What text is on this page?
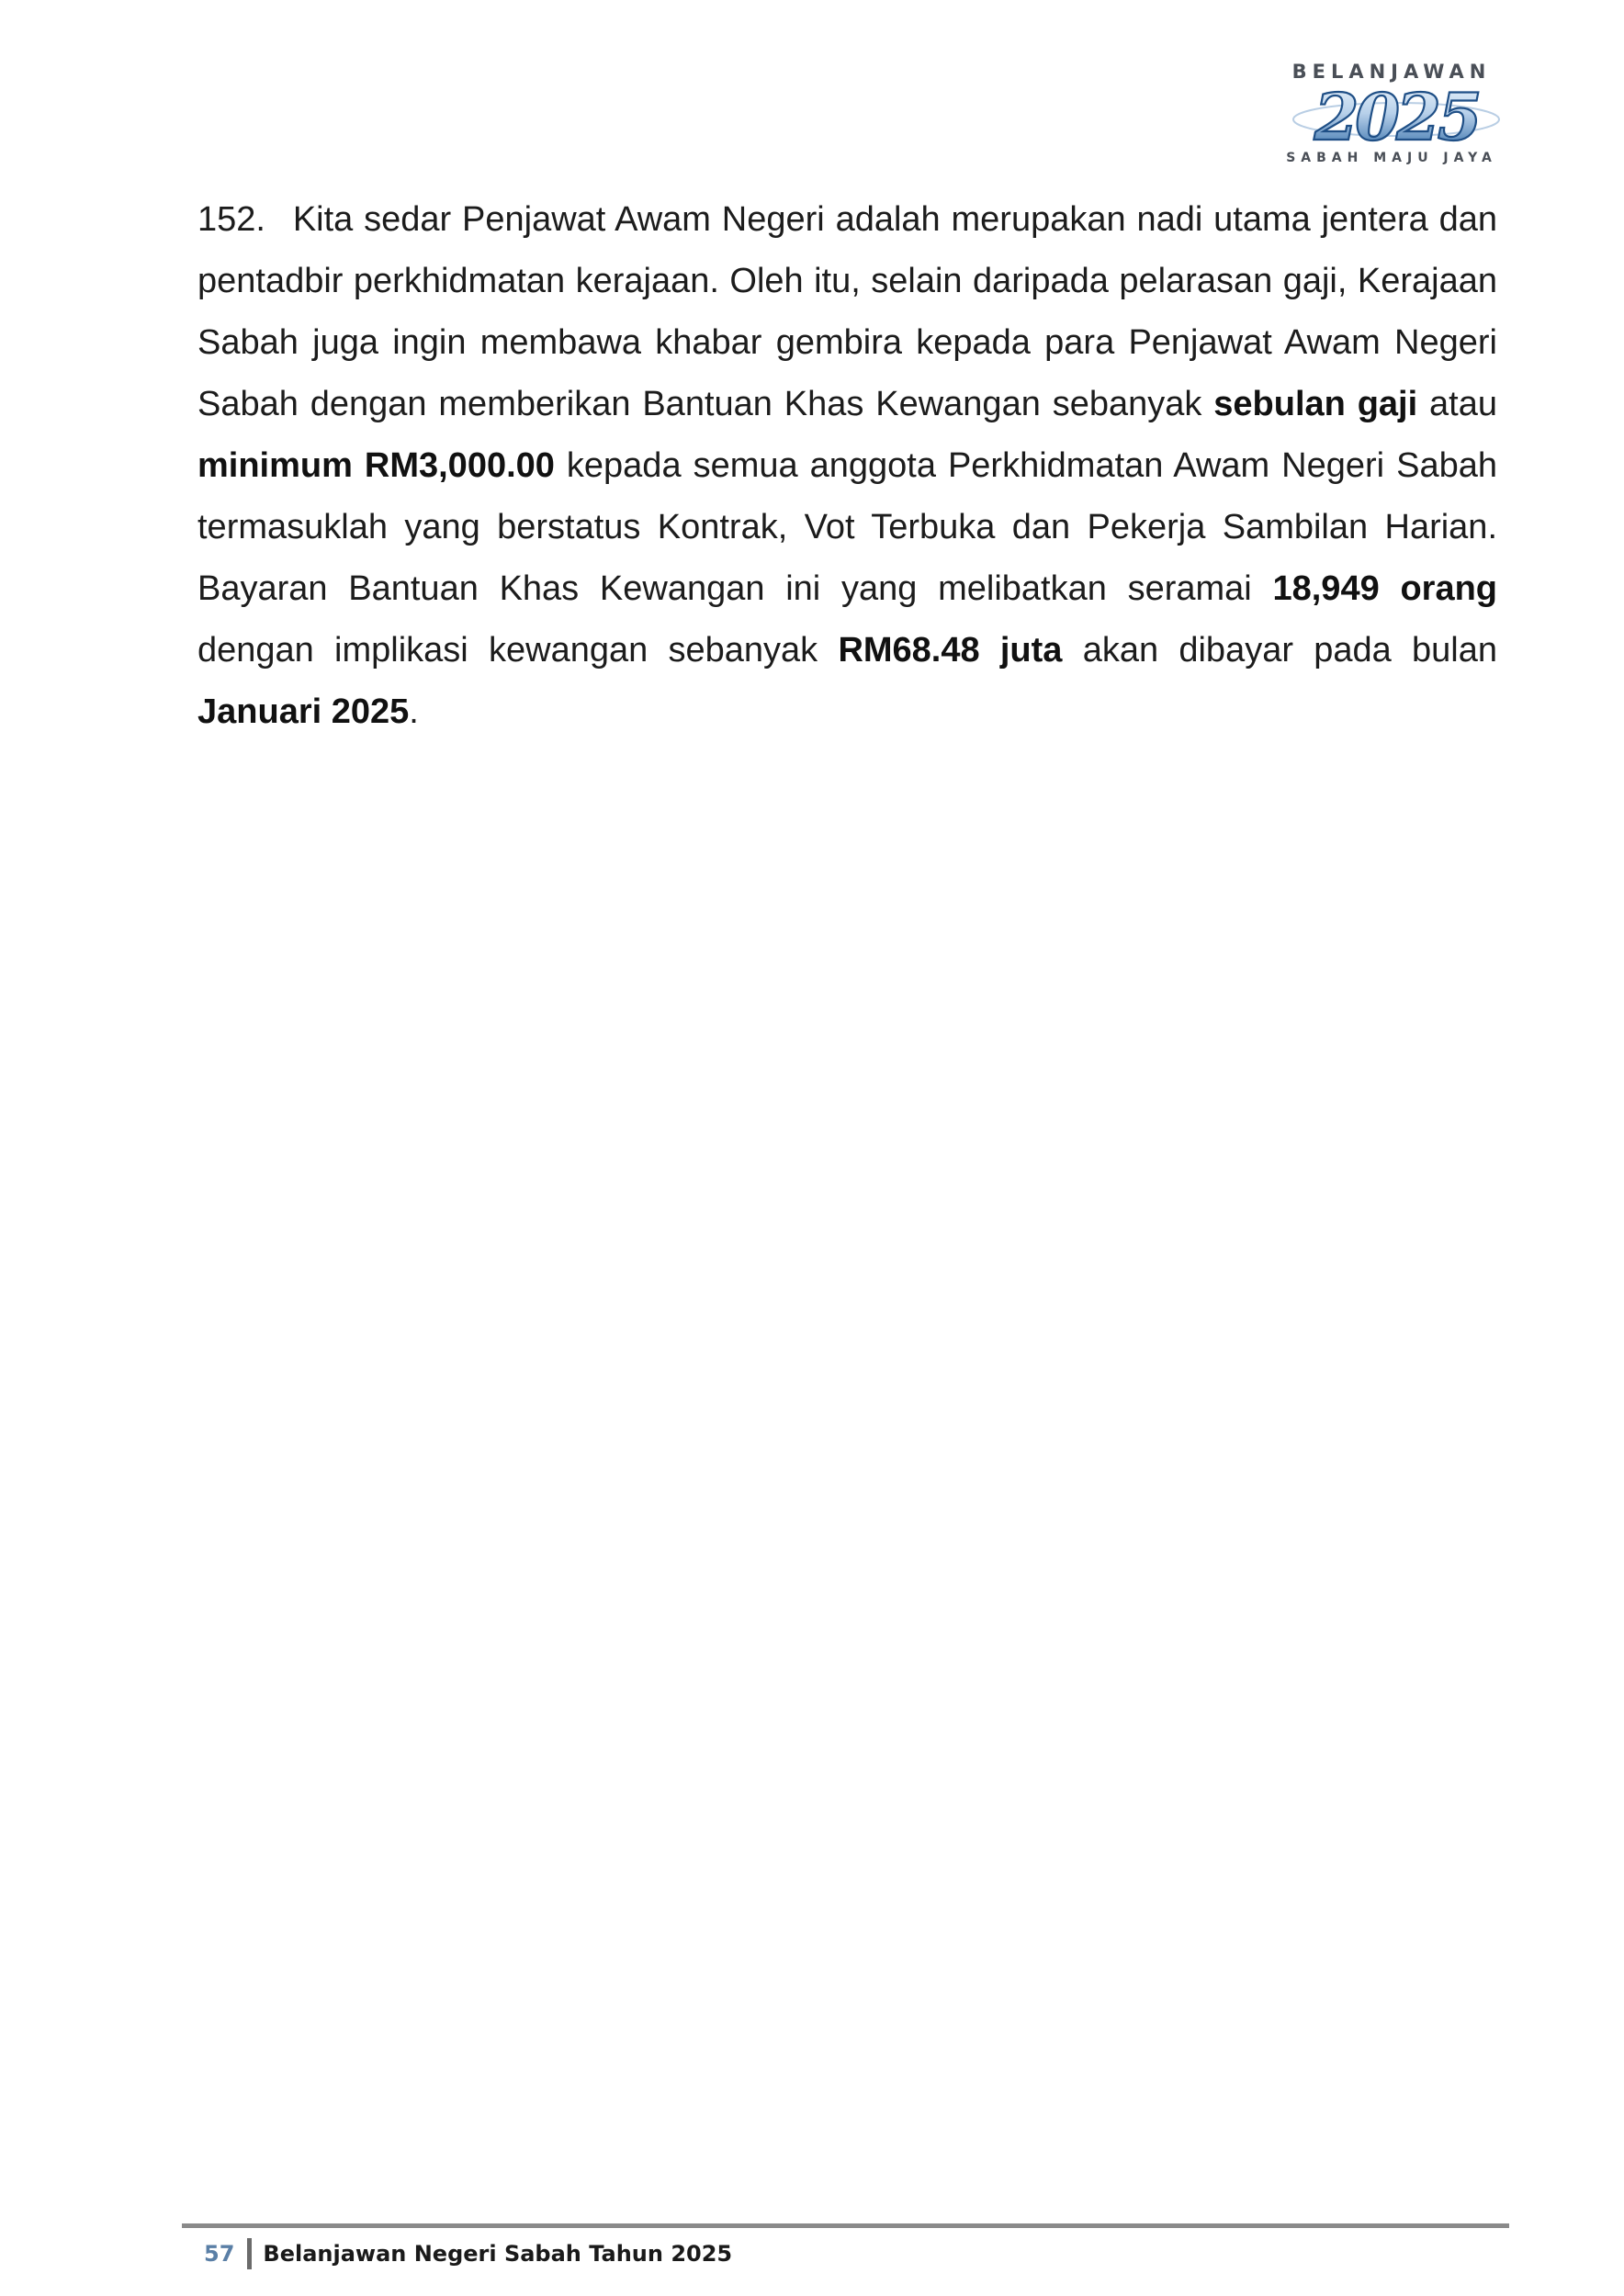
BELANJAWAN
2025
SABAH MAJU JAYA

152. Kita sedar Penjawat Awam Negeri adalah merupakan nadi utama jentera dan pentadbir perkhidmatan kerajaan. Oleh itu, selain daripada pelarasan gaji, Kerajaan Sabah juga ingin membawa khabar gembira kepada para Penjawat Awam Negeri Sabah dengan memberikan Bantuan Khas Kewangan sebanyak sebulan gaji atau minimum RM3,000.00 kepada semua anggota Perkhidmatan Awam Negeri Sabah termasuklah yang berstatus Kontrak, Vot Terbuka dan Pekerja Sambilan Harian. Bayaran Bantuan Khas Kewangan ini yang melibatkan seramai 18,949 orang dengan implikasi kewangan sebanyak RM68.48 juta akan dibayar pada bulan Januari 2025.

57 Belanjawan Negeri Sabah Tahun 2025
